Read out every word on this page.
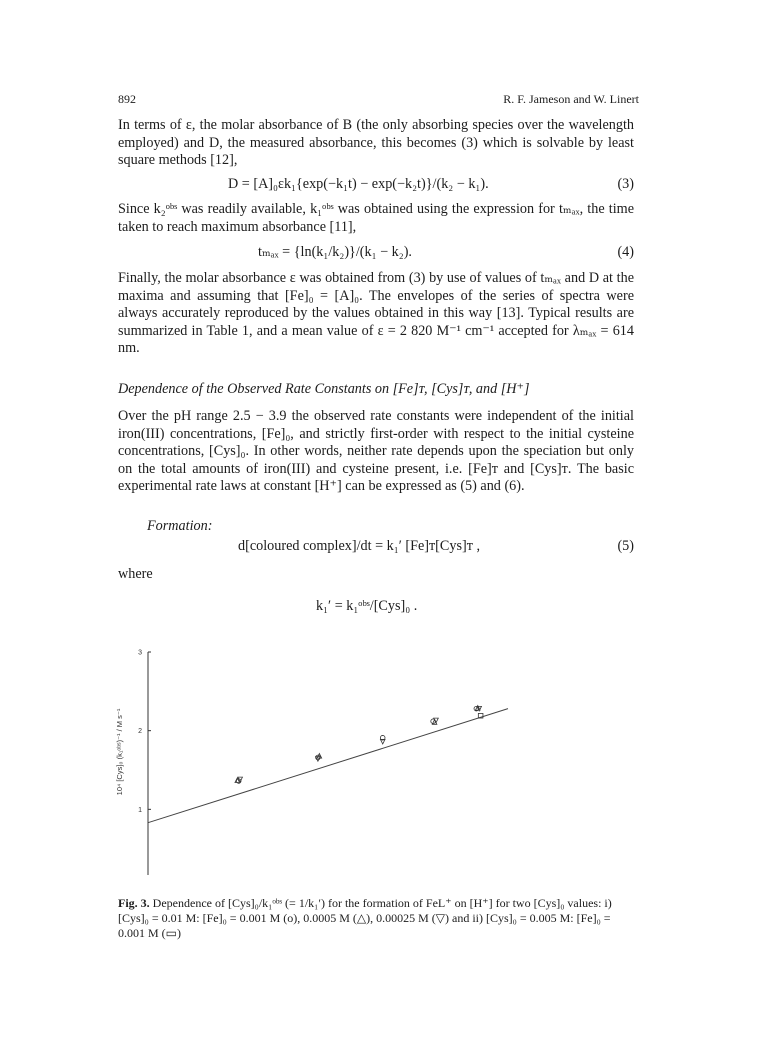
892	R. F. Jameson and W. Linert

In terms of ε, the molar absorbance of B (the only absorbing species over the wavelength employed) and D, the measured absorbance, this becomes (3) which is solvable by least square methods [12],

D = [A]₀εk₁{exp(−k₁t) − exp(−k₂t)}/(k₂ − k₁).	(3)

Since k₂ᵒᵇˢ was readily available, k₁ᵒᵇˢ was obtained using the expression for tₘₐₓ, the time taken to reach maximum absorbance [11],

tₘₐₓ = {ln(k₁/k₂)}/(k₁ − k₂).	(4)

Finally, the molar absorbance ε was obtained from (3) by use of values of tₘₐₓ and D at the maxima and assuming that [Fe]₀ = [A]₀. The envelopes of the series of spectra were always accurately reproduced by the values obtained in this way [13]. Typical results are summarized in Table 1, and a mean value of ε = 2 820 M⁻¹ cm⁻¹ accepted for λₘₐₓ = 614 nm.

Dependence of the Observed Rate Constants on [Fe]ᴛ, [Cys]ᴛ, and [H⁺]

Over the pH range 2.5 − 3.9 the observed rate constants were independent of the initial iron(III) concentrations, [Fe]₀, and strictly first-order with respect to the initial cysteine concentrations, [Cys]₀. In other words, neither rate depends upon the speciation but only on the total amounts of iron(III) and cysteine present, i.e. [Fe]ᴛ and [Cys]ᴛ. The basic experimental rate laws at constant [H⁺] can be expressed as (5) and (6).

Formation:
d[coloured complex]/dt = k₁′ [Fe]ᴛ[Cys]ᴛ ,	(5)
where
k₁′ = k₁ᵒᵇˢ/[Cys]₀ .
1
2
3
10⁴ [Cys]₀ (k₁ᵒᵇˢ)⁻¹ / M s⁻¹

Fig. 3. Dependence of [Cys]₀/k₁ᵒᵇˢ (= 1/k₁′) for the formation of FeL⁺ on [H⁺] for two [Cys]₀ values: i) [Cys]₀ = 0.01 M: [Fe]₀ = 0.001 M (o), 0.0005 M (△), 0.00025 M (▽) and ii) [Cys]₀ = 0.005 M: [Fe]₀ = 0.001 M (▭)
